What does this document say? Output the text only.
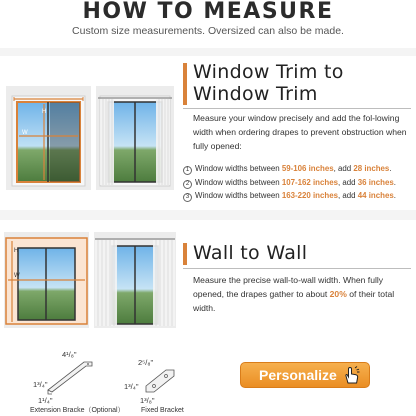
HOW TO MEASURE
Custom size measurements. Oversized can also be made.
H
W
Window Trim to
Window Trim
Measure your window precisely and add the fol-lowing width when ordering drapes to prevent obstruction when fully opened:
1 Window widths between 59-106 inches, add 28 inches.
2 Window widths between 107-162 inches, add 36 inches.
3 Window widths between 163-220 inches, add 44 inches.
H
W
Wall to Wall
Measure the precise wall-to-wall width. When fully opened, the drapes gather to about 20% of their total width.
4¹/₈"
1³/₄"
1¹/₄"
Extension Bracke（Optional）
2⁵/₈"
1³/₄"
1³/₈"
Fixed Bracket
Personalize
